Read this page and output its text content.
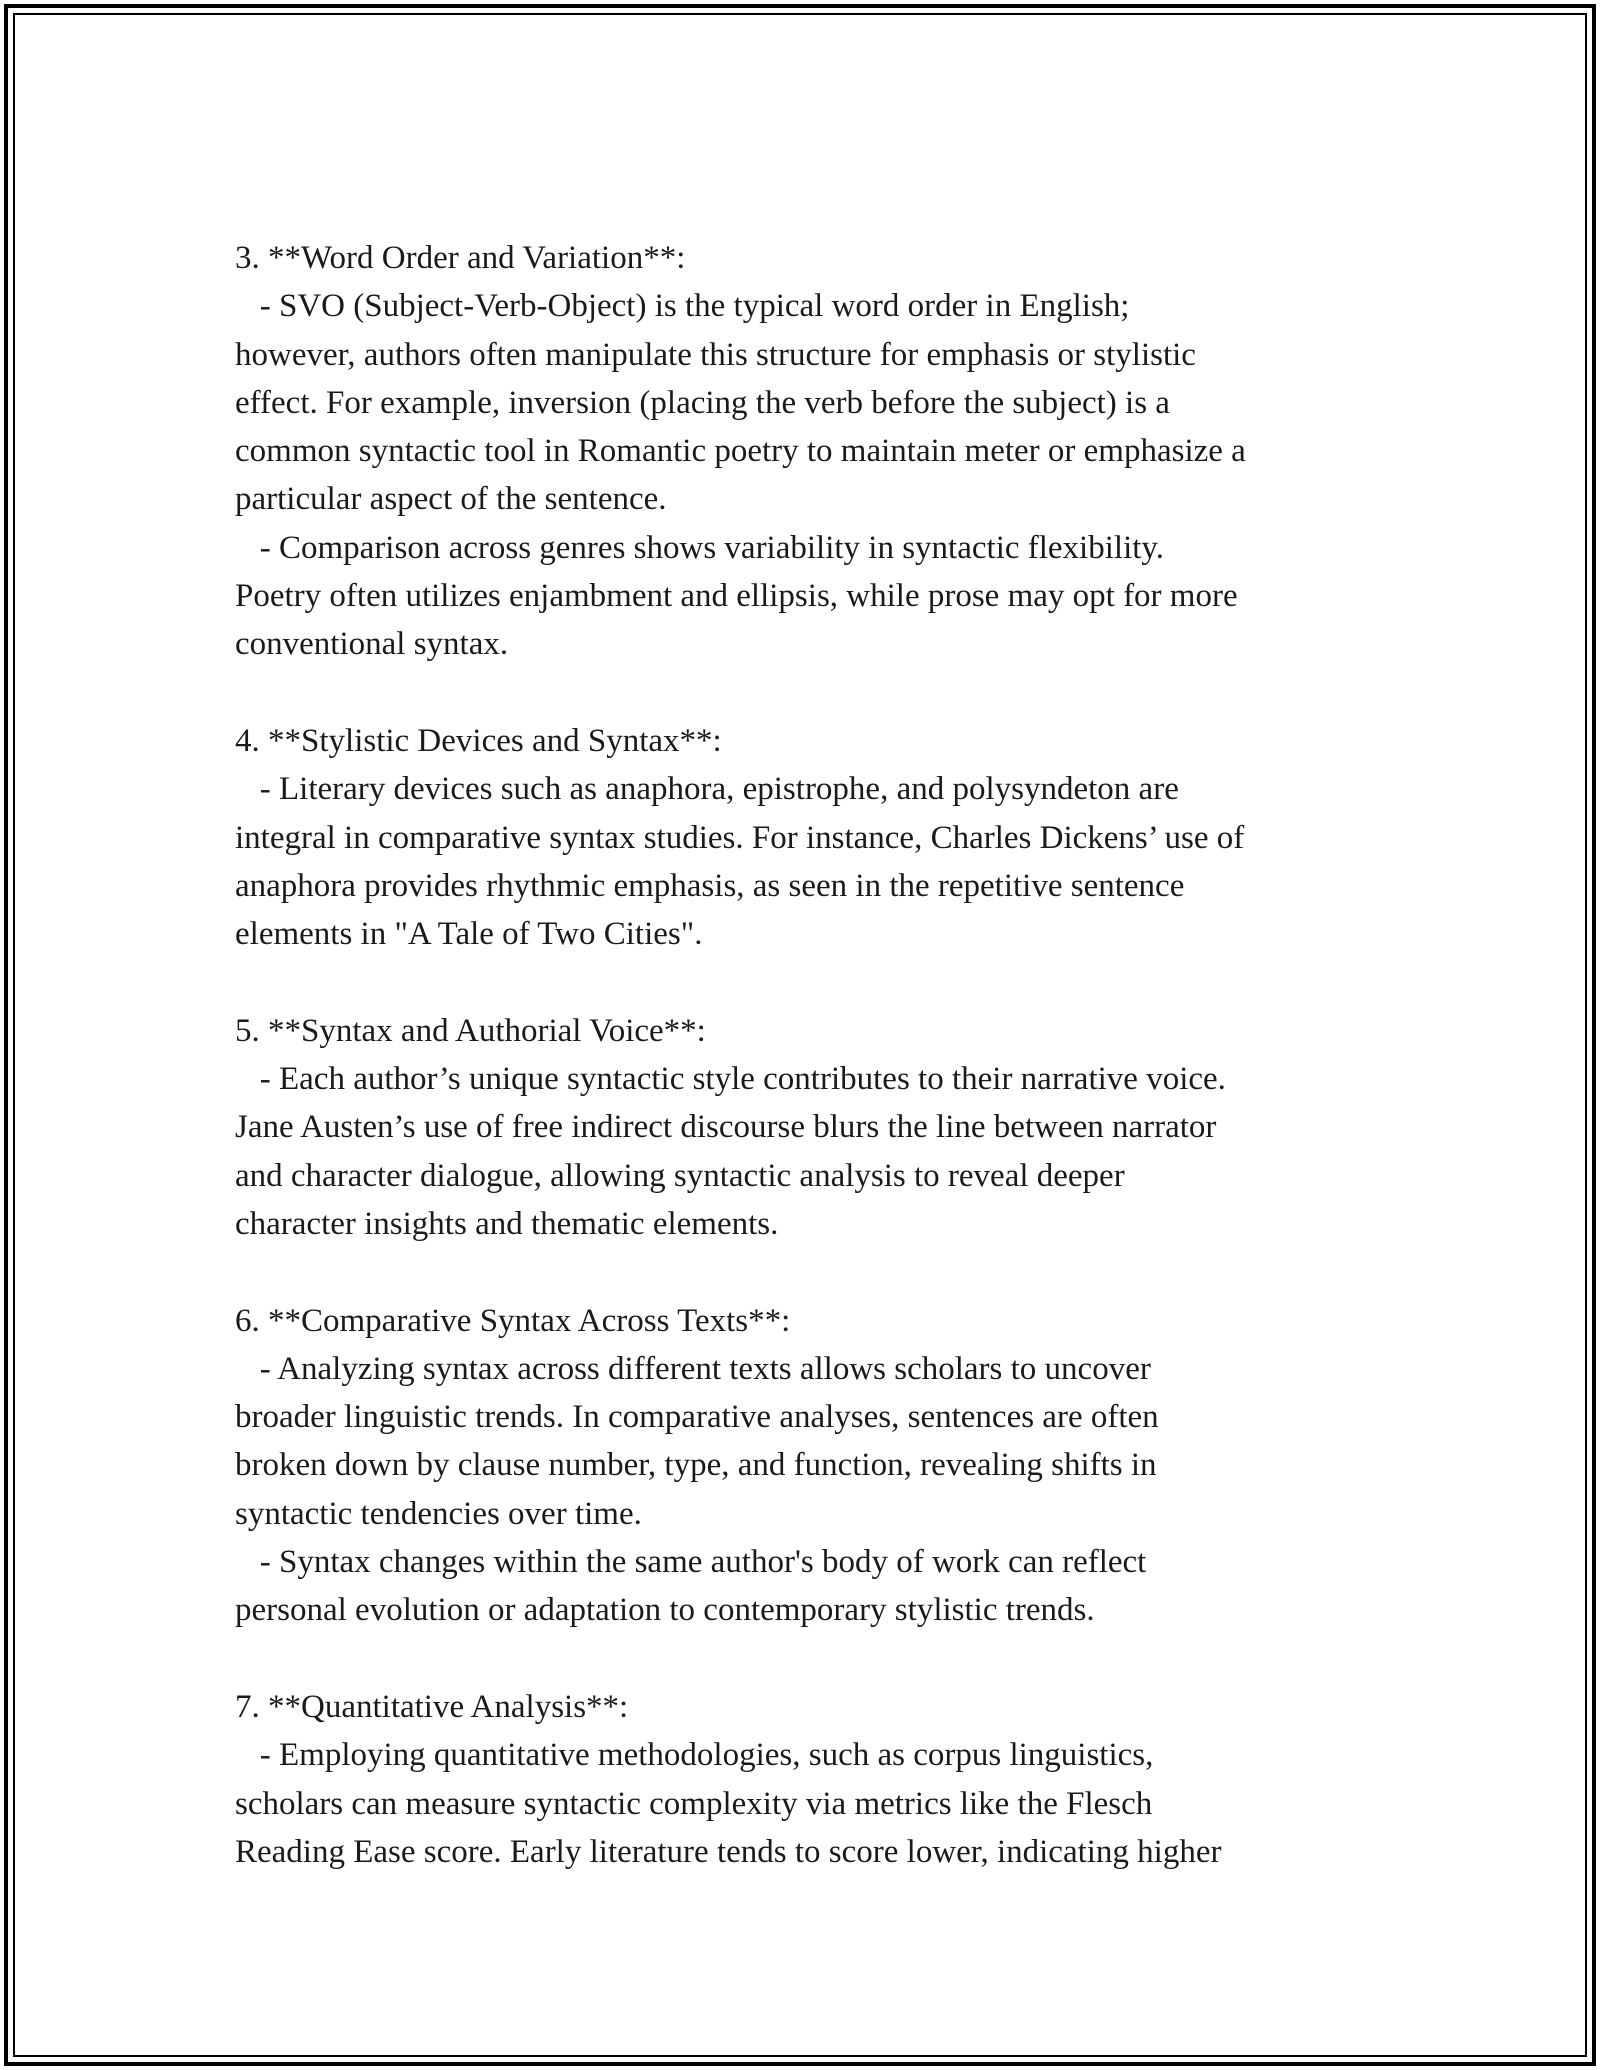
3. **Word Order and Variation**:
- SVO (Subject-Verb-Object) is the typical word order in English;
however, authors often manipulate this structure for emphasis or stylistic
effect. For example, inversion (placing the verb before the subject) is a
common syntactic tool in Romantic poetry to maintain meter or emphasize a
particular aspect of the sentence.
- Comparison across genres shows variability in syntactic flexibility.
Poetry often utilizes enjambment and ellipsis, while prose may opt for more
conventional syntax.
4. **Stylistic Devices and Syntax**:
- Literary devices such as anaphora, epistrophe, and polysyndeton are
integral in comparative syntax studies. For instance, Charles Dickens’ use of
anaphora provides rhythmic emphasis, as seen in the repetitive sentence
elements in "A Tale of Two Cities".
5. **Syntax and Authorial Voice**:
- Each author’s unique syntactic style contributes to their narrative voice.
Jane Austen’s use of free indirect discourse blurs the line between narrator
and character dialogue, allowing syntactic analysis to reveal deeper
character insights and thematic elements.
6. **Comparative Syntax Across Texts**:
- Analyzing syntax across different texts allows scholars to uncover
broader linguistic trends. In comparative analyses, sentences are often
broken down by clause number, type, and function, revealing shifts in
syntactic tendencies over time.
- Syntax changes within the same author's body of work can reflect
personal evolution or adaptation to contemporary stylistic trends.
7. **Quantitative Analysis**:
- Employing quantitative methodologies, such as corpus linguistics,
scholars can measure syntactic complexity via metrics like the Flesch
Reading Ease score. Early literature tends to score lower, indicating higher
